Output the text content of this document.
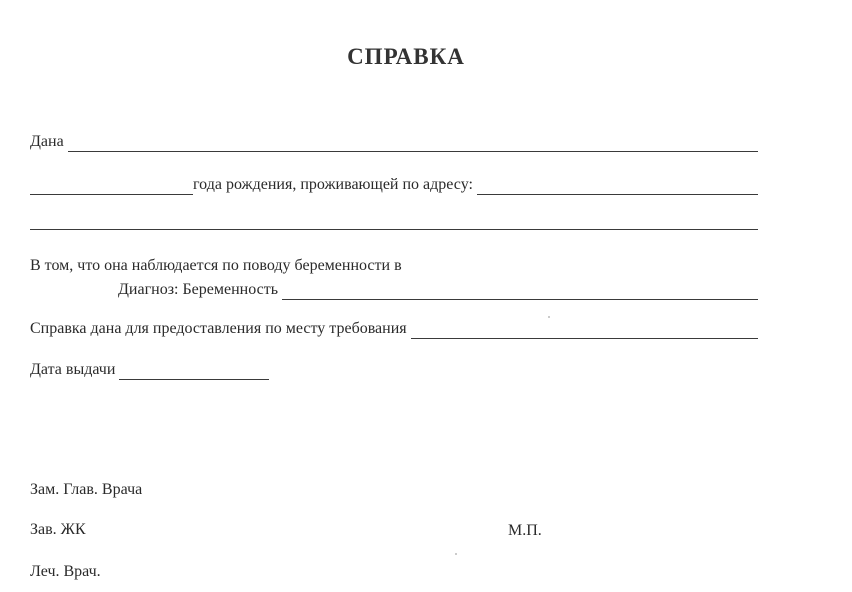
СПРАВКА
Дана
года рождения, проживающей по адресу:
В том, что она наблюдается по поводу беременности в
Диагноз: Беременность
Справка дана для предоставления по месту требования
Дата выдачи
Зам. Глав. Врача
Зав. ЖК	М.П.
Леч. Врач.
